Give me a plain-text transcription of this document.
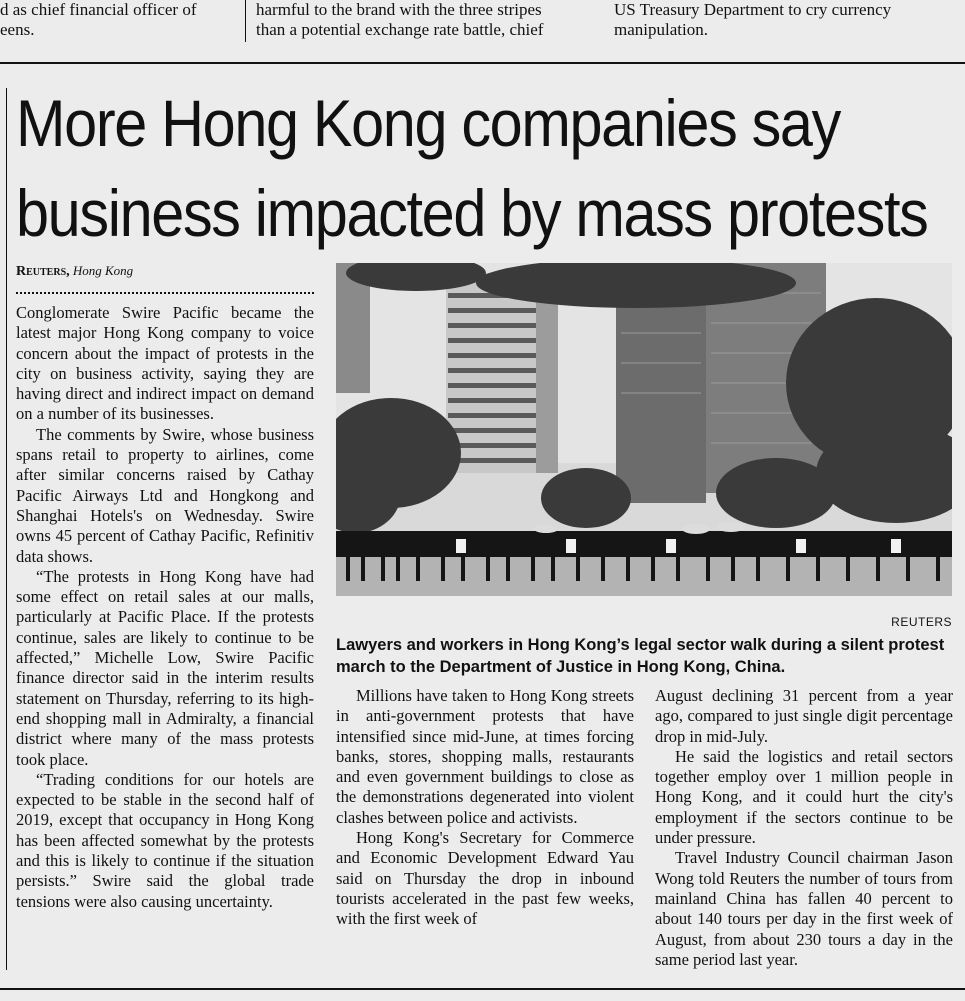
d as chief financial officer of
eens.
harmful to the brand with the three stripes
than a potential exchange rate battle, chief
US Treasury Department to cry currency
manipulation.
More Hong Kong companies say
business impacted by mass protests
Reuters, Hong Kong

Conglomerate Swire Pacific became the latest major Hong Kong company to voice concern about the impact of protests in the city on business activity, saying they are having direct and indirect impact on demand on a number of its businesses.

The comments by Swire, whose business spans retail to property to airlines, come after similar concerns raised by Cathay Pacific Airways Ltd and Hongkong and Shanghai Hotels's on Wednesday. Swire owns 45 percent of Cathay Pacific, Refinitiv data shows.

“The protests in Hong Kong have had some effect on retail sales at our malls, particularly at Pacific Place. If the protests continue, sales are likely to continue to be affected,” Michelle Low, Swire Pacific finance director said in the interim results statement on Thursday, referring to its high-end shopping mall in Admiralty, a financial district where many of the mass protests took place.

“Trading conditions for our hotels are expected to be stable in the second half of 2019, except that occupancy in Hong Kong has been affected somewhat by the protests and this is likely to continue if the situation persists.” Swire said the global trade tensions were also causing uncertainty.

REUTERS
Lawyers and workers in Hong Kong’s legal sector walk during a silent protest march to the Department of Justice in Hong Kong, China.

Millions have taken to Hong Kong streets in anti-government protests that have intensified since mid-June, at times forcing banks, stores, shopping malls, restaurants and even government buildings to close as the demonstrations degenerated into violent clashes between police and activists.

Hong Kong's Secretary for Commerce and Economic Development Edward Yau said on Thursday the drop in inbound tourists accelerated in the past few weeks, with the first week of

August declining 31 percent from a year ago, compared to just single digit percentage drop in mid-July.

He said the logistics and retail sectors together employ over 1 million people in Hong Kong, and it could hurt the city's employment if the sectors continue to be under pressure.

Travel Industry Council chairman Jason Wong told Reuters the number of tours from mainland China has fallen 40 percent to about 140 tours per day in the first week of August, from about 230 tours a day in the same period last year.
